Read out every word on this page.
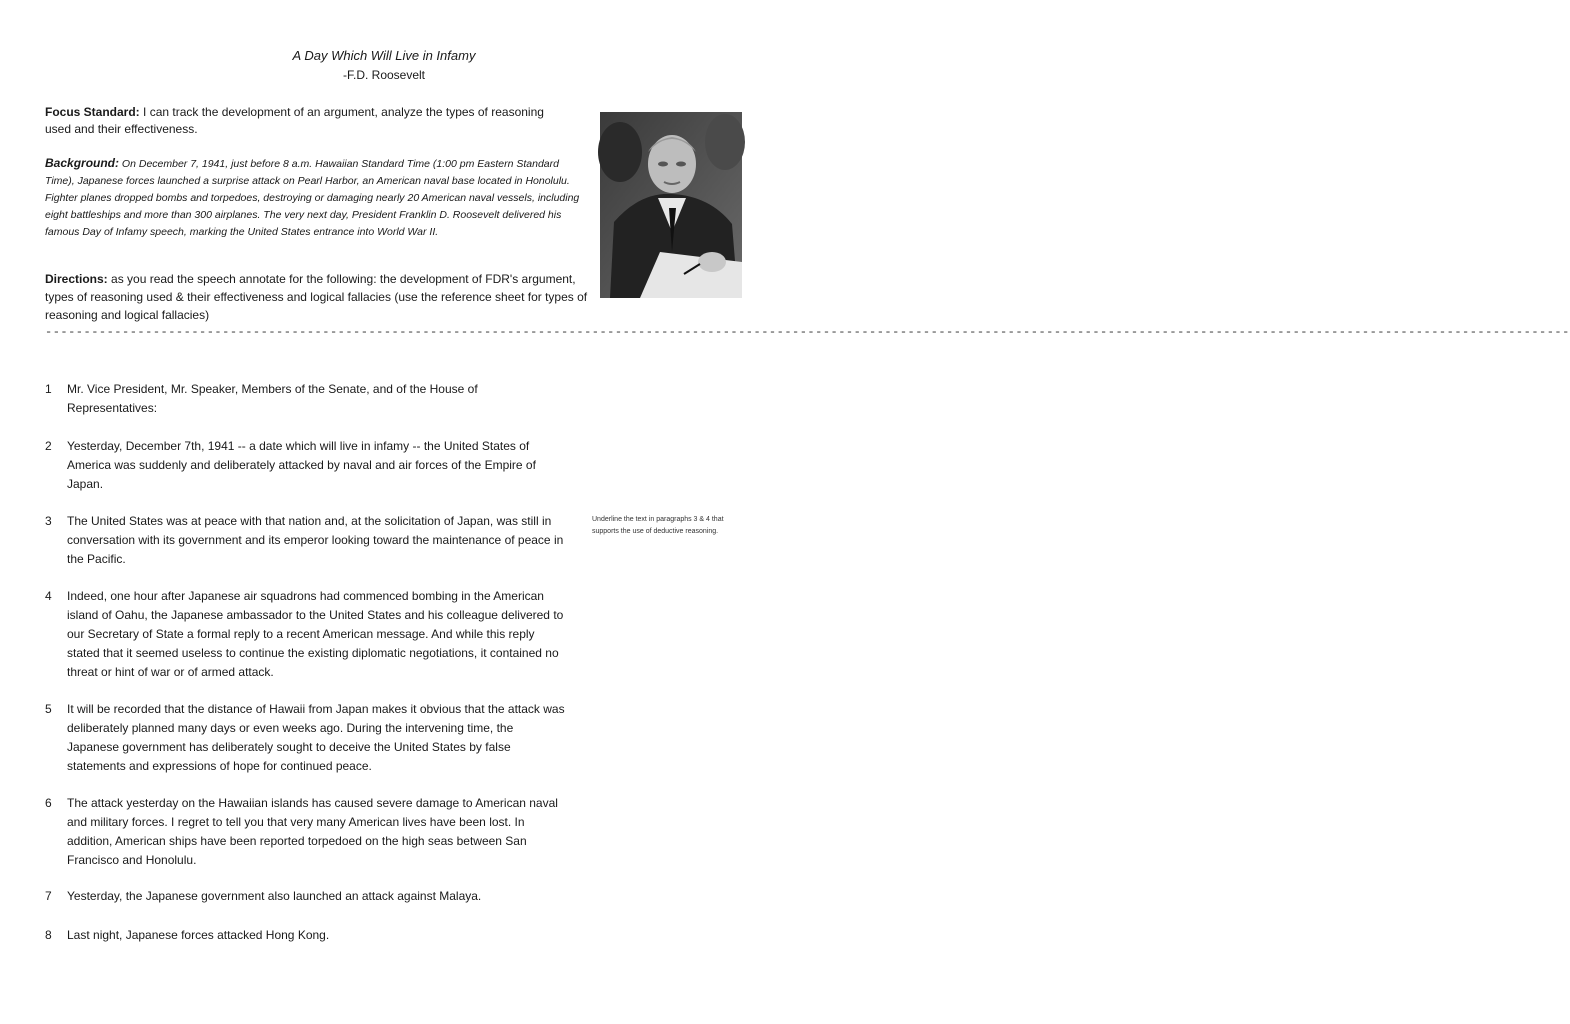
A Day Which Will Live in Infamy
-F.D. Roosevelt
Focus Standard: I can track the development of an argument, analyze the types of reasoning used and their effectiveness.
Background: On December 7, 1941, just before 8 a.m. Hawaiian Standard Time (1:00 pm Eastern Standard Time), Japanese forces launched a surprise attack on Pearl Harbor, an American naval base located in Honolulu. Fighter planes dropped bombs and torpedoes, destroying or damaging nearly 20 American naval vessels, including eight battleships and more than 300 airplanes. The very next day, President Franklin D. Roosevelt delivered his famous Day of Infamy speech, marking the United States entrance into World War II.
Directions: as you read the speech annotate for the following: the development of FDR's argument, types of reasoning used & their effectiveness and logical fallacies (use the reference sheet for types of reasoning and logical fallacies)
------------------------------------------------------------------------------------------------------------------------------------------------------------------------------------------------------
1	Mr. Vice President, Mr. Speaker, Members of the Senate, and of the House of Representatives:
2	Yesterday, December 7th, 1941 -- a date which will live in infamy -- the United States of America was suddenly and deliberately attacked by naval and air forces of the Empire of Japan.
3	The United States was at peace with that nation and, at the solicitation of Japan, was still in conversation with its government and its emperor looking toward the maintenance of peace in the Pacific.
4	Indeed, one hour after Japanese air squadrons had commenced bombing in the American island of Oahu, the Japanese ambassador to the United States and his colleague delivered to our Secretary of State a formal reply to a recent American message. And while this reply stated that it seemed useless to continue the existing diplomatic negotiations, it contained no threat or hint of war or of armed attack.
5	It will be recorded that the distance of Hawaii from Japan makes it obvious that the attack was deliberately planned many days or even weeks ago. During the intervening time, the Japanese government has deliberately sought to deceive the United States by false statements and expressions of hope for continued peace.
6	The attack yesterday on the Hawaiian islands has caused severe damage to American naval and military forces. I regret to tell you that very many American lives have been lost. In addition, American ships have been reported torpedoed on the high seas between San Francisco and Honolulu.
7	Yesterday, the Japanese government also launched an attack against Malaya.
8	Last night, Japanese forces attacked Hong Kong.
Underline the text in paragraphs 3 & 4 that supports the use of deductive reasoning.
